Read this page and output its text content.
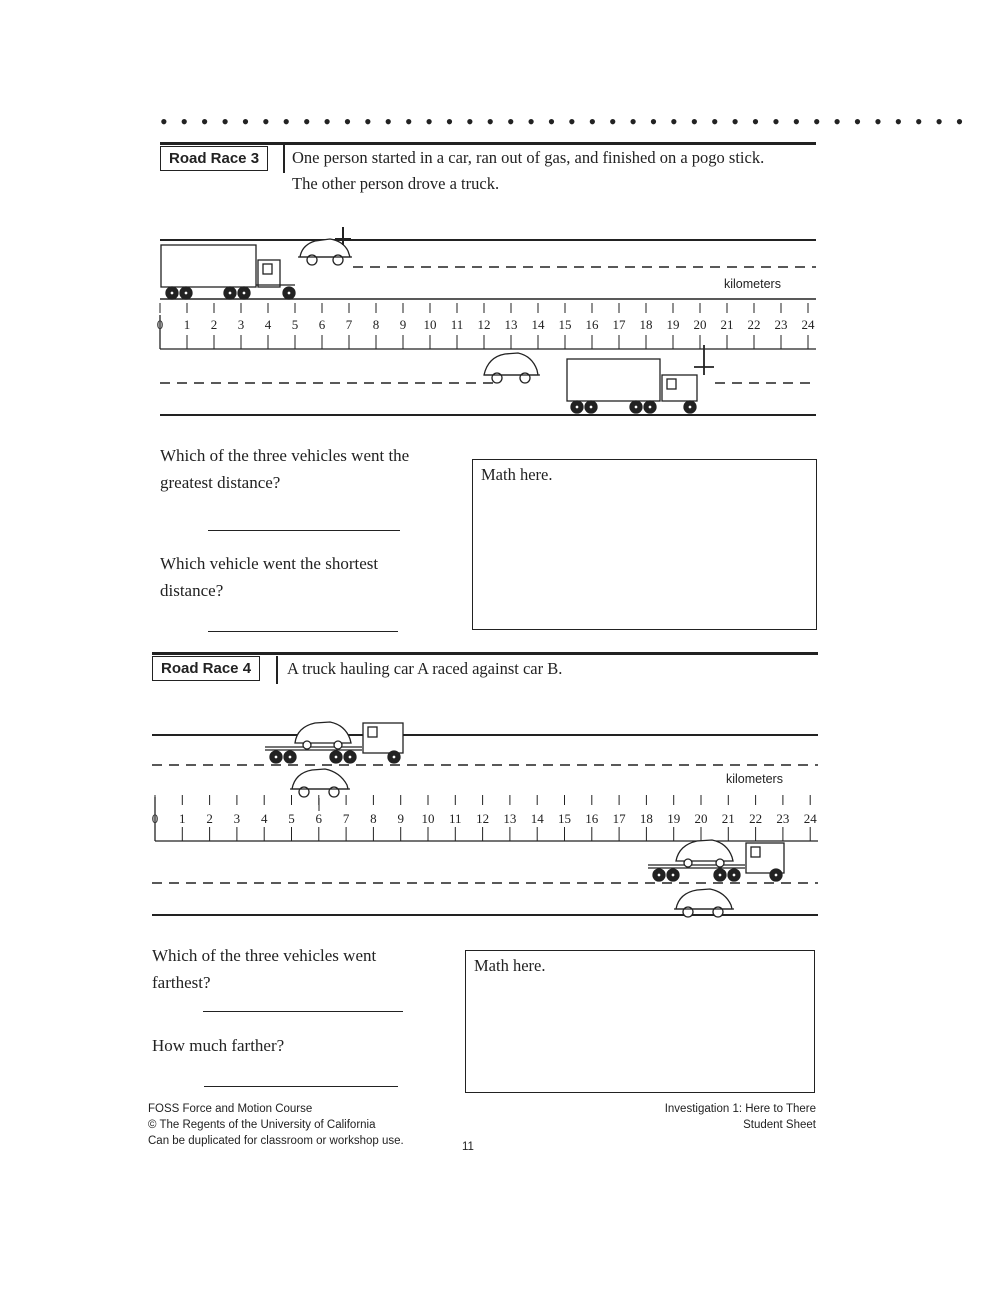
• • • • • • • • • • • • • • • • • • • • • • • • • • • • • • • • • • • • • • • •
Road Race 3	One person started in a car, ran out of gas, and finished on a pogo stick.
The other person drove a truck.
0 1 2 3 4 5 6 7 8 9 10 11 12 13 14 15 16 17 18 19 20 21 22 23 24
kilometers
Which of the three vehicles went the
greatest distance?
Which vehicle went the shortest
distance?
Math here.
Road Race 4	A truck hauling car A raced against car B.
0 1 2 3 4 5 6 7 8 9 10 11 12 13 14 15 16 17 18 19 20 21 22 23 24
kilometers
Which of the three vehicles went
farthest?
How much farther?
Math here.
FOSS Force and Motion Course
© The Regents of the University of California
Can be duplicated for classroom or workshop use.	11
Investigation 1: Here to There
Student Sheet
